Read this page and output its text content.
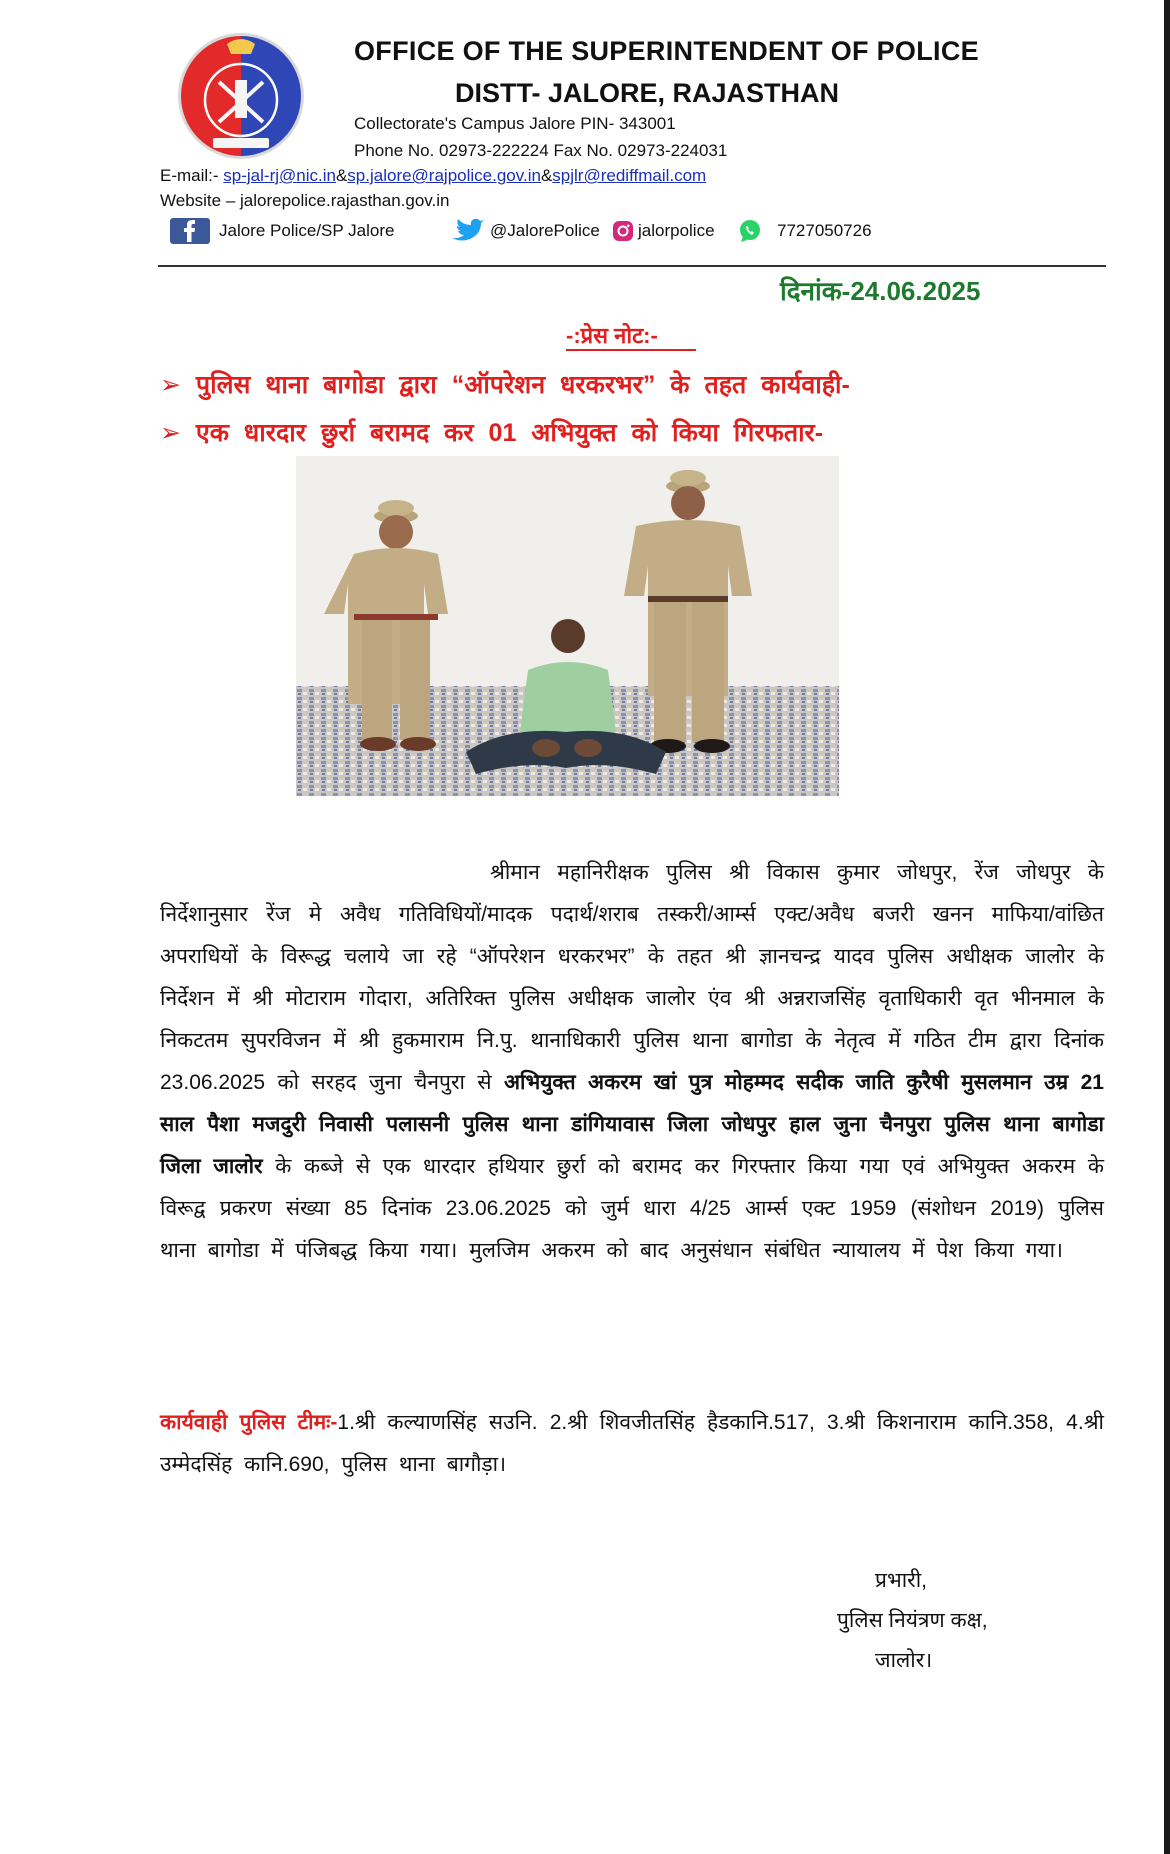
OFFICE OF THE SUPERINTENDENT OF POLICE
DISTT- JALORE, RAJASTHAN
Collectorate's Campus Jalore PIN- 343001
Phone No. 02973-222224 Fax No. 02973-224031
E-mail:- sp-jal-rj@nic.in&sp.jalore@rajpolice.gov.in&spjlr@rediffmail.com
Website – jalorepolice.rajasthan.gov.in
Jalore Police/SP Jalore	@JalorePolice jalorpolice	7727050726
दिनांक-24.06.2025
-:प्रेस नोट:-
➢ पुलिस थाना बागोडा द्वारा “ऑपरेशन धरकरभर” के तहत कार्यवाही-
➢ एक धारदार छुर्रा बरामद कर 01 अभियुक्त को किया गिरफतार-

श्रीमान महानिरीक्षक पुलिस श्री विकास कुमार जोधपुर, रेंज जोधपुर के निर्देशानुसार रेंज मे अवैध गतिविधियों/मादक पदार्थ/शराब तस्करी/आर्म्स एक्ट/अवैध बजरी खनन माफिया/वांछित अपराधियों के विरूद्ध चलाये जा रहे “ऑपरेशन धरकरभर” के तहत श्री ज्ञानचन्द्र यादव पुलिस अधीक्षक जालोर के निर्देशन में श्री मोटाराम गोदारा, अतिरिक्त पुलिस अधीक्षक जालोर एंव श्री अन्नराजसिंह वृताधिकारी वृत भीनमाल के निकटतम सुपरविजन में श्री हुकमाराम नि.पु. थानाधिकारी पुलिस थाना बागोडा के नेतृत्व में गठित टीम द्वारा दिनांक 23.06.2025 को सरहद जुना चैनपुरा से अभियुक्त अकरम खां पुत्र मोहम्मद सदीक जाति कुरैषी मुसलमान उम्र 21 साल पैशा मजदुरी निवासी पलासनी पुलिस थाना डांगियावास जिला जोधपुर हाल जुना चैनपुरा पुलिस थाना बागोडा जिला जालोर के कब्जे से एक धारदार हथियार छुर्रा को बरामद कर गिरफ्तार किया गया एवं अभियुक्त अकरम के विरूद्व प्रकरण संख्या 85 दिनांक 23.06.2025 को जुर्म धारा 4/25 आर्म्स एक्ट 1959 (संशोधन 2019) पुलिस थाना बागोडा में पंजिबद्ध किया गया। मुलजिम अकरम को बाद अनुसंधान संबंधित न्यायालय में पेश किया गया।

कार्यवाही पुलिस टीमः-1.श्री कल्याणसिंह सउनि. 2.श्री शिवजीतसिंह हैडकानि.517, 3.श्री किशनाराम कानि.358, 4.श्री उम्मेदसिंह कानि.690, पुलिस थाना बागौड़ा।
प्रभारी,
पुलिस नियंत्रण कक्ष,
जालोर।
